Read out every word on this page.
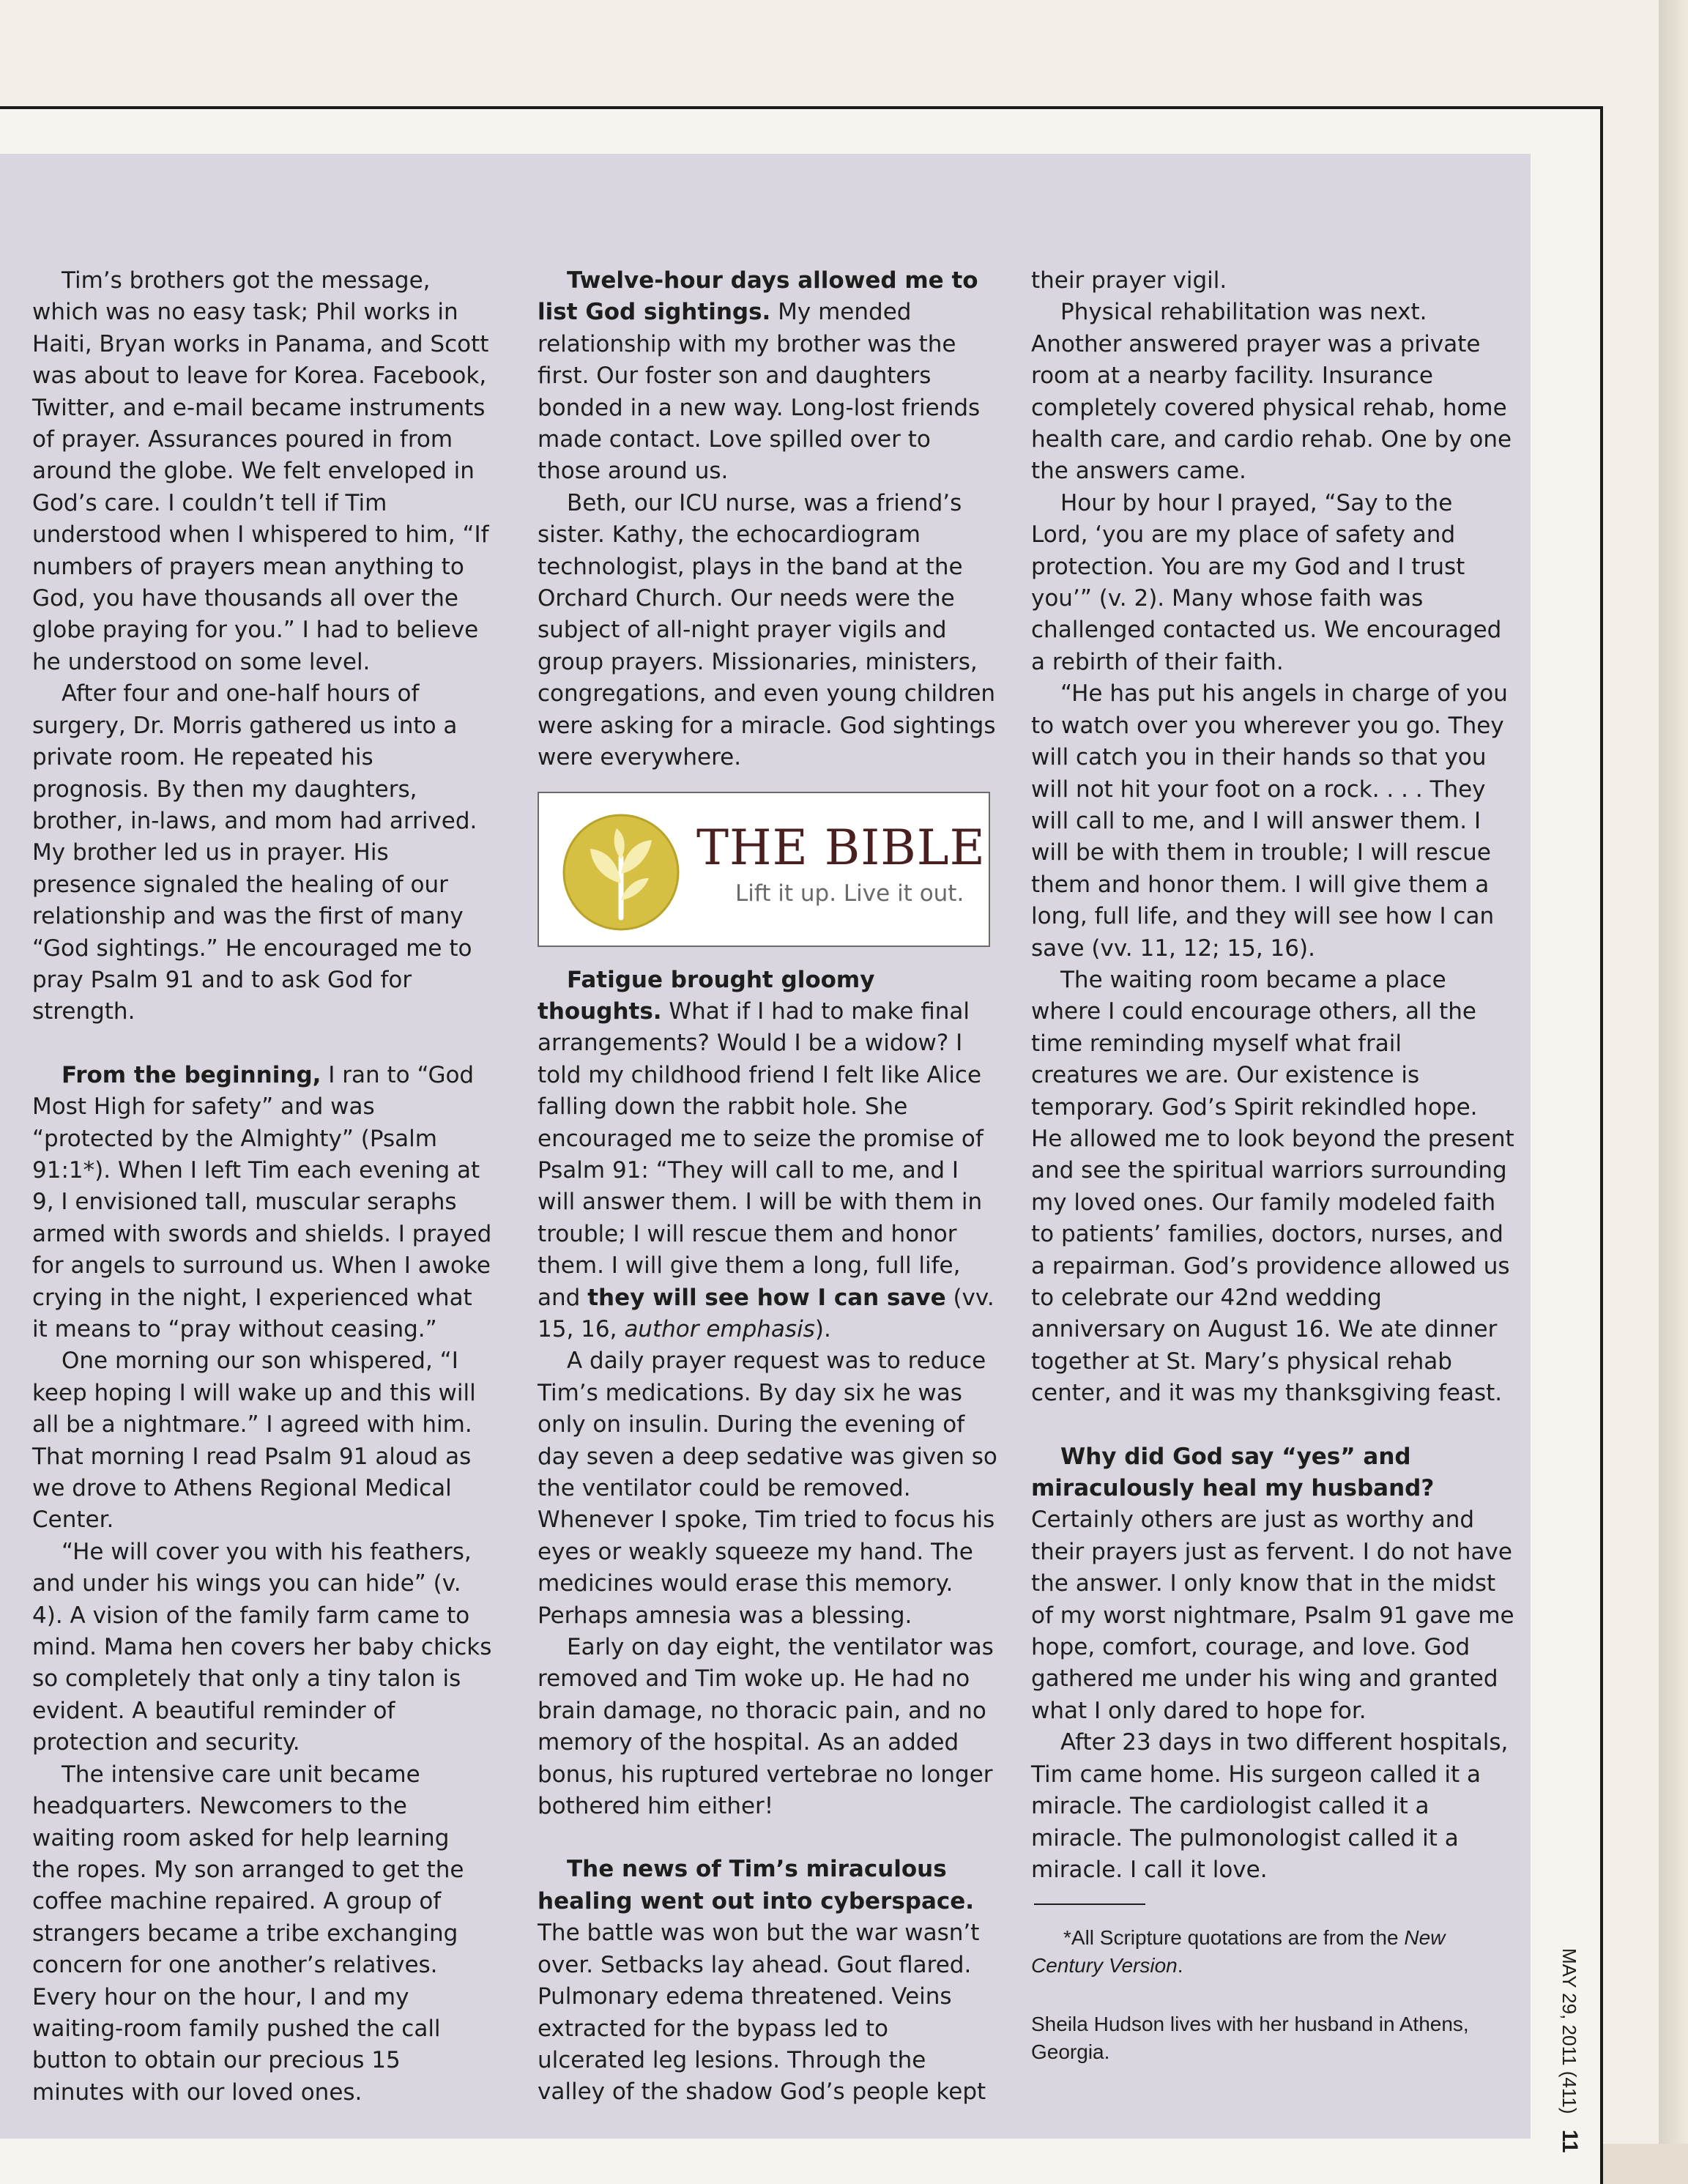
Tim’s brothers got the message, which was no easy task; Phil works in Haiti, Bryan works in Panama, and Scott was about to leave for Korea. Facebook, Twitter, and e-mail became instruments of prayer. Assurances poured in from around the globe. We felt enveloped in God’s care. I couldn’t tell if Tim understood when I whispered to him, “If numbers of prayers mean anything to God, you have thousands all over the globe praying for you.” I had to believe he understood on some level.

After four and one-half hours of surgery, Dr. Morris gathered us into a private room. He repeated his prognosis. By then my daughters, brother, in-laws, and mom had arrived. My brother led us in prayer. His presence signaled the healing of our relationship and was the first of many “God sightings.” He encouraged me to pray Psalm 91 and to ask God for strength.

From the beginning, I ran to “God Most High for safety” and was “protected by the Almighty” (Psalm 91:1*). When I left Tim each evening at 9, I envisioned tall, muscular seraphs armed with swords and shields. I prayed for angels to surround us. When I awoke crying in the night, I experienced what it means to “pray without ceasing.”

One morning our son whispered, “I keep hoping I will wake up and this will all be a nightmare.” I agreed with him. That morning I read Psalm 91 aloud as we drove to Athens Regional Medical Center.

“He will cover you with his feathers, and under his wings you can hide” (v. 4). A vision of the family farm came to mind. Mama hen covers her baby chicks so completely that only a tiny talon is evident. A beautiful reminder of protection and security.

The intensive care unit became headquarters. Newcomers to the waiting room asked for help learning the ropes. My son arranged to get the coffee machine repaired. A group of strangers became a tribe exchanging concern for one another’s relatives. Every hour on the hour, I and my waiting-room family pushed the call button to obtain our precious 15 minutes with our loved ones.

Twelve-hour days allowed me to list God sightings. My mended relationship with my brother was the first. Our foster son and daughters bonded in a new way. Long-lost friends made contact. Love spilled over to those around us.

Beth, our ICU nurse, was a friend’s sister. Kathy, the echocardiogram technologist, plays in the band at the Orchard Church. Our needs were the subject of all-night prayer vigils and group prayers. Missionaries, ministers, congregations, and even young children were asking for a miracle. God sightings were everywhere.

THE BIBLE
Lift it up. Live it out.

Fatigue brought gloomy thoughts. What if I had to make final arrangements? Would I be a widow? I told my childhood friend I felt like Alice falling down the rabbit hole. She encouraged me to seize the promise of Psalm 91: “They will call to me, and I will answer them. I will be with them in trouble; I will rescue them and honor them. I will give them a long, full life, and they will see how I can save (vv. 15, 16, author emphasis).

A daily prayer request was to reduce Tim’s medications. By day six he was only on insulin. During the evening of day seven a deep sedative was given so the ventilator could be removed. Whenever I spoke, Tim tried to focus his eyes or weakly squeeze my hand. The medicines would erase this memory. Perhaps amnesia was a blessing.

Early on day eight, the ventilator was removed and Tim woke up. He had no brain damage, no thoracic pain, and no memory of the hospital. As an added bonus, his ruptured vertebrae no longer bothered him either!

The news of Tim’s miraculous healing went out into cyberspace. The battle was won but the war wasn’t over. Setbacks lay ahead. Gout flared. Pulmonary edema threatened. Veins extracted for the bypass led to ulcerated leg lesions. Through the valley of the shadow God’s people kept

their prayer vigil.

Physical rehabilitation was next. Another answered prayer was a private room at a nearby facility. Insurance completely covered physical rehab, home health care, and cardio rehab. One by one the answers came.

Hour by hour I prayed, “Say to the Lord, ‘you are my place of safety and protection. You are my God and I trust you’” (v. 2). Many whose faith was challenged contacted us. We encouraged a rebirth of their faith.

“He has put his angels in charge of you to watch over you wherever you go. They will catch you in their hands so that you will not hit your foot on a rock. . . . They will call to me, and I will answer them. I will be with them in trouble; I will rescue them and honor them. I will give them a long, full life, and they will see how I can save (vv. 11, 12; 15, 16).

The waiting room became a place where I could encourage others, all the time reminding myself what frail creatures we are. Our existence is temporary. God’s Spirit rekindled hope. He allowed me to look beyond the present and see the spiritual warriors surrounding my loved ones. Our family modeled faith to patients’ families, doctors, nurses, and a repairman. God’s providence allowed us to celebrate our 42nd wedding anniversary on August 16. We ate dinner together at St. Mary’s physical rehab center, and it was my thanksgiving feast.

Why did God say “yes” and miraculously heal my husband? Certainly others are just as worthy and their prayers just as fervent. I do not have the answer. I only know that in the midst of my worst nightmare, Psalm 91 gave me hope, comfort, courage, and love. God gathered me under his wing and granted what I only dared to hope for.

After 23 days in two different hospitals, Tim came home. His surgeon called it a miracle. The cardiologist called it a miracle. The pulmonologist called it a miracle. I call it love.

*All Scripture quotations are from the New Century Version.

Sheila Hudson lives with her husband in Athens, Georgia.	MAY 29, 2011 (411) 11
